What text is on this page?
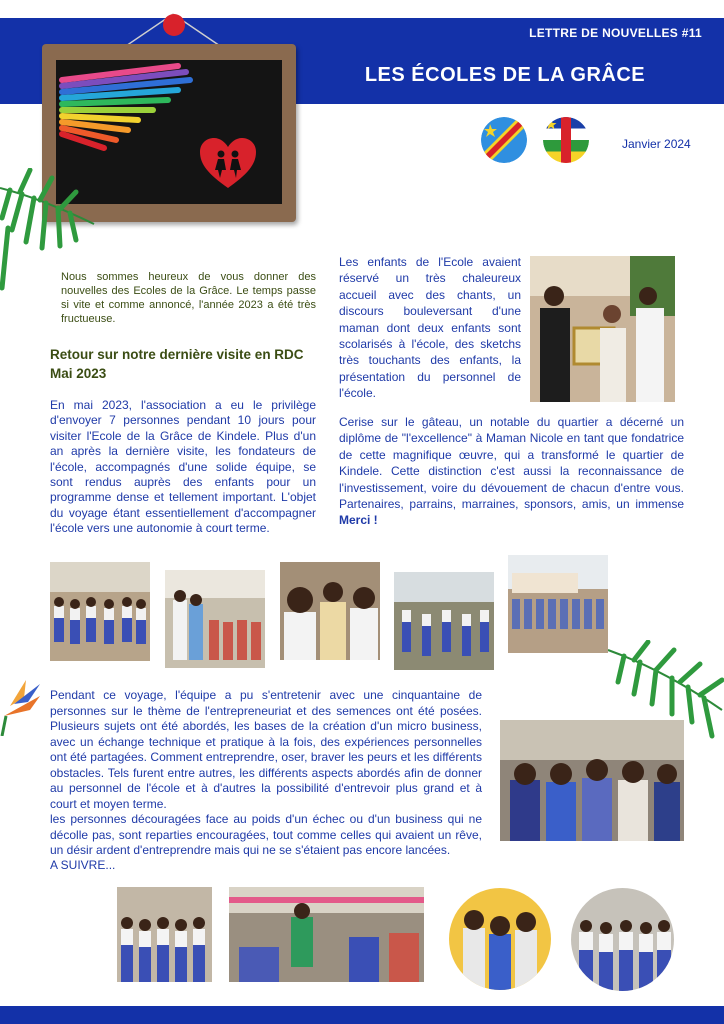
LETTRE DE NOUVELLES #11
LES ÉCOLES DE LA GRÂCE
Janvier 2024
Nous sommes heureux de vous donner des nouvelles des Ecoles de la Grâce. Le temps passe si vite et comme annoncé, l'année 2023 a été très fructueuse.
Retour sur notre dernière visite en RDC
Mai 2023
En mai 2023, l'association a eu le privilège d'envoyer 7 personnes pendant 10 jours pour visiter l'Ecole de la Grâce de Kindele. Plus d'un an après la dernière visite, les fondateurs de l'école, accompagnés d'une solide équipe, se sont rendus auprès des enfants pour un programme dense et tellement important. L'objet du voyage étant essentiellement d'accompagner l'école vers une autonomie à court terme.
Les enfants de l'Ecole avaient réservé un très chaleureux accueil avec des chants, un discours bouleversant d'une maman dont deux enfants sont scolarisés à l'école, des sketchs très touchants des enfants, la présentation du personnel de l'école.
Cerise sur le gâteau, un notable du quartier a décerné un diplôme de "l'excellence" à Maman Nicole en tant que fondatrice de cette magnifique œuvre, qui a transformé le quartier de Kindele. Cette distinction c'est aussi la reconnaissance de l'investissement, voire du dévouement de chacun d'entre vous. Partenaires, parrains, marraines, sponsors, amis, un immense Merci !
Pendant ce voyage, l'équipe a pu s'entretenir avec une cinquantaine de personnes sur le thème de l'entrepreneuriat et des semences ont été posées. Plusieurs sujets ont été abordés, les bases de la création d'un micro business, avec un échange technique et pratique à la fois, des expériences personnelles ont été partagées. Comment entreprendre, oser, braver les peurs et les différents obstacles. Tels furent entre autres, les différents aspects abordés afin de donner au personnel de l'école et à d'autres la possibilité d'entrevoir plus grand et à court et moyen terme.
les personnes découragées face au poids d'un échec ou d'un business qui ne décolle pas, sont reparties encouragées, tout comme celles qui avaient un rêve, un désir ardent d'entreprendre mais qui ne se s'étaient pas encore lancées.
A SUIVRE...
